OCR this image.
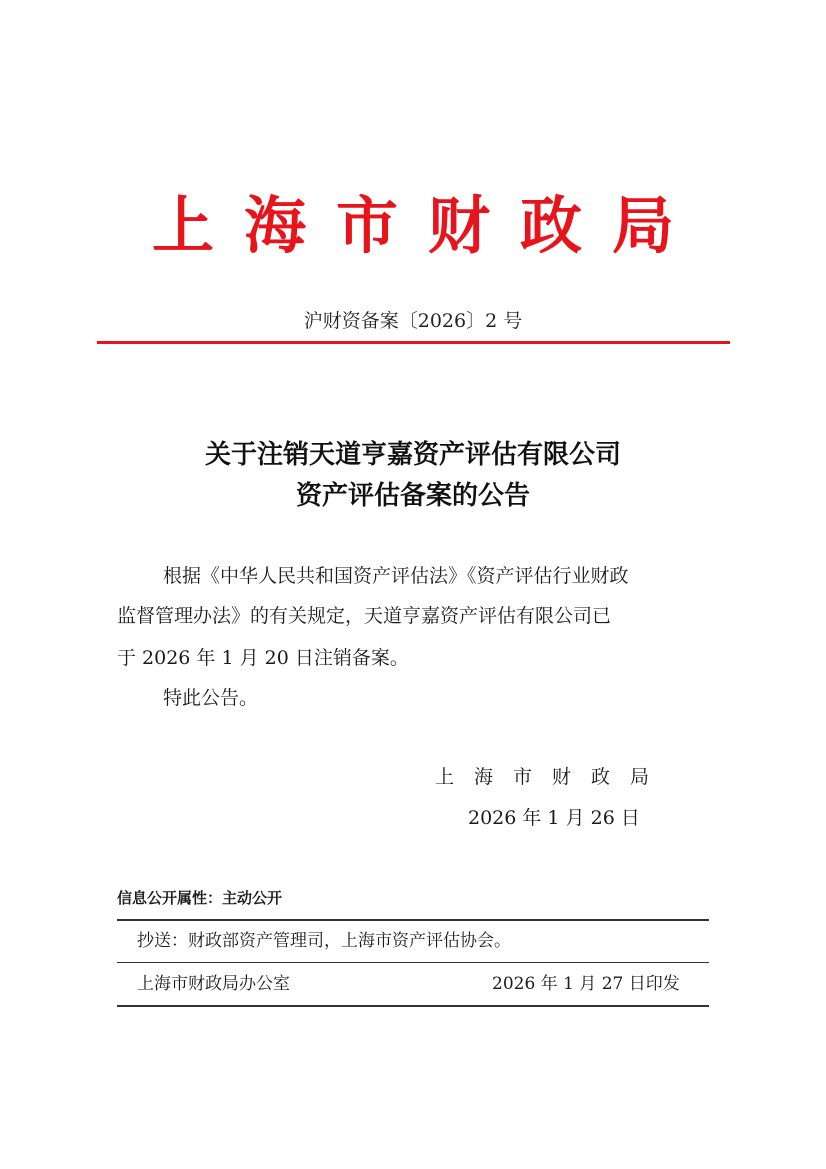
上海市财政局
沪财资备案〔2026〕2 号
关于注销天道亨嘉资产评估有限公司
资产评估备案的公告
根据《中华人民共和国资产评估法》《资产评估行业财政
监督管理办法》的有关规定，天道亨嘉资产评估有限公司已
于 2026 年 1 月 20 日注销备案。
特此公告。
上海市财政局
2026 年 1 月 26 日
信息公开属性：主动公开
抄送：财政部资产管理司，上海市资产评估协会。
上海市财政局办公室	2026 年 1 月 27 日印发
